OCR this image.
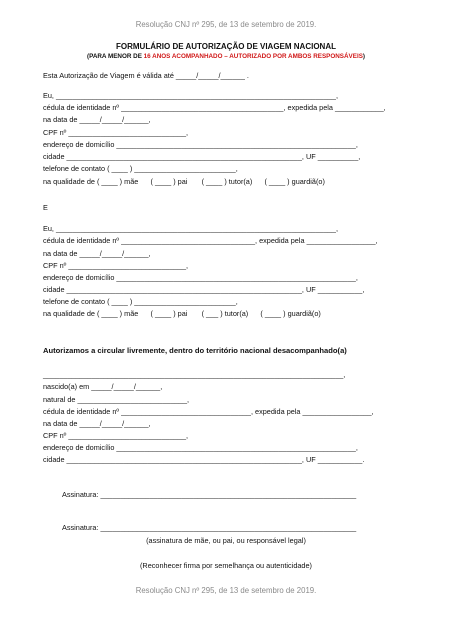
Resolução CNJ nº 295, de 13 de setembro de 2019.
FORMULÁRIO DE AUTORIZAÇÃO DE VIAGEM NACIONAL
(PARA MENOR DE 16 ANOS ACOMPANHADO – AUTORIZADO POR AMBOS RESPONSÁVEIS)
Esta Autorização de Viagem é válida até _____/_____/______ .
Eu, _____________________________________________________________________,
cédula de identidade nº ________________________________________, expedida pela ____________,
na data de _____/_____/______,
CPF nº _____________________________,
endereço de domicílio ___________________________________________________________,
cidade __________________________________________________________, UF __________,
telefone de contato ( ____ ) _________________________,
na qualidade de ( ____ ) mãe      ( ____ ) pai       ( ____ ) tutor(a)      ( ____ ) guardiã(o)
E
Eu, _____________________________________________________________________,
cédula de identidade nº _________________________________, expedida pela _________________,
na data de _____/_____/______,
CPF nº _____________________________,
endereço de domicílio ___________________________________________________________,
cidade __________________________________________________________, UF ___________,
telefone de contato ( ____ ) _________________________,
na qualidade de ( ____ ) mãe      ( ____ ) pai       ( ___ ) tutor(a)      ( ____ ) guardiã(o)
Autorizamos a circular livremente, dentro do território nacional desacompanhado(a)
__________________________________________________________________________,
nascido(a) em _____/_____/______,
natural de ___________________________,
cédula de identidade nº ________________________________, expedida pela _________________,
na data de _____/_____/______,
CPF nº _____________________________,
endereço de domicílio ___________________________________________________________,
cidade __________________________________________________________, UF ___________.
Assinatura: _______________________________________________________________
Assinatura: _______________________________________________________________
(assinatura de mãe, ou pai, ou responsável legal)
(Reconhecer firma por semelhança ou autenticidade)
Resolução CNJ nº 295, de 13 de setembro de 2019.
